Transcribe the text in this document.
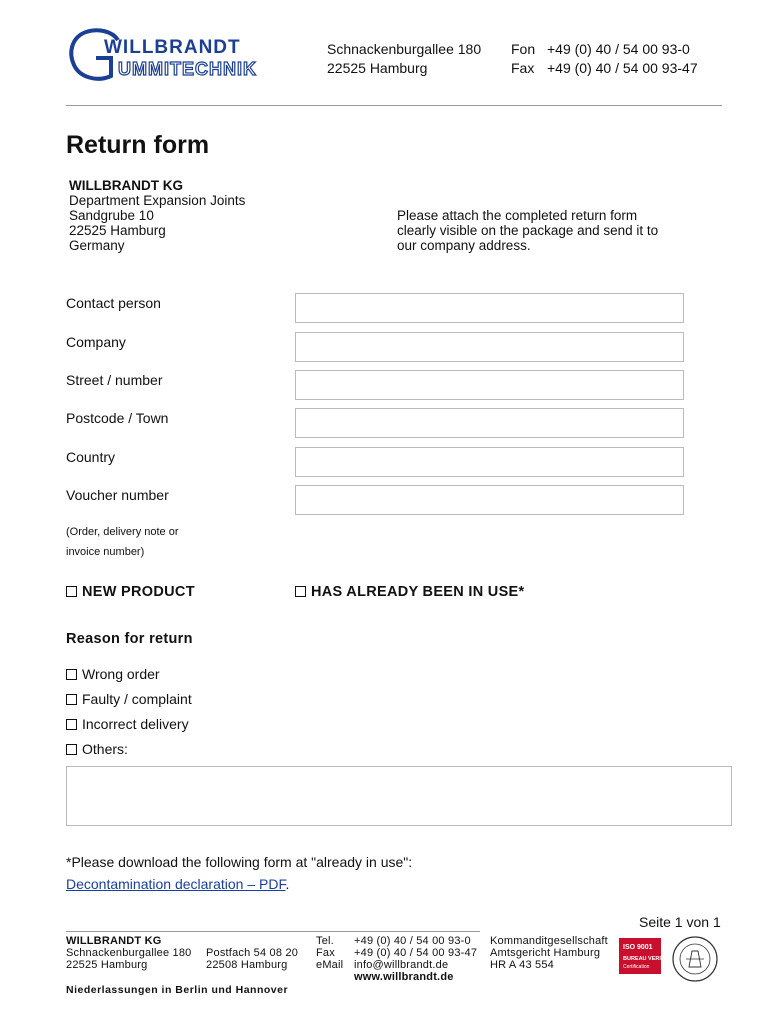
WILLBRANDT
UMMITECHNIK
Schnackenburgallee 180
22525 Hamburg
Fon +49 (0) 40 / 54 00 93-0
Fax +49 (0) 40 / 54 00 93-47
Return form
WILLBRANDT KG
Department Expansion Joints
Sandgrube 10
22525 Hamburg
Germany
Please attach the completed return form clearly visible on the package and send it to our company address.
Contact person
Company
Street / number
Postcode / Town
Country
Voucher number
(Order, delivery note or
invoice number)
NEW PRODUCT	HAS ALREADY BEEN IN USE*
Reason for return
Wrong order
Faulty / complaint
Incorrect delivery
Others:
*Please download the following form at "already in use":
Decontamination declaration – PDF.
Seite 1 von 1
WILLBRANDT KG
Schnackenburgallee 180
22525 Hamburg
Postfach 54 08 20
22508 Hamburg
Tel.
Fax
eMail
+49 (0) 40 / 54 00 93-0
+49 (0) 40 / 54 00 93-47
info@willbrandt.de
www.willbrandt.de
Kommanditgesellschaft
Amtsgericht Hamburg
HR A 43 554
Niederlassungen in Berlin und Hannover
ISO 9001
BUREAU VERITAS
Certification
